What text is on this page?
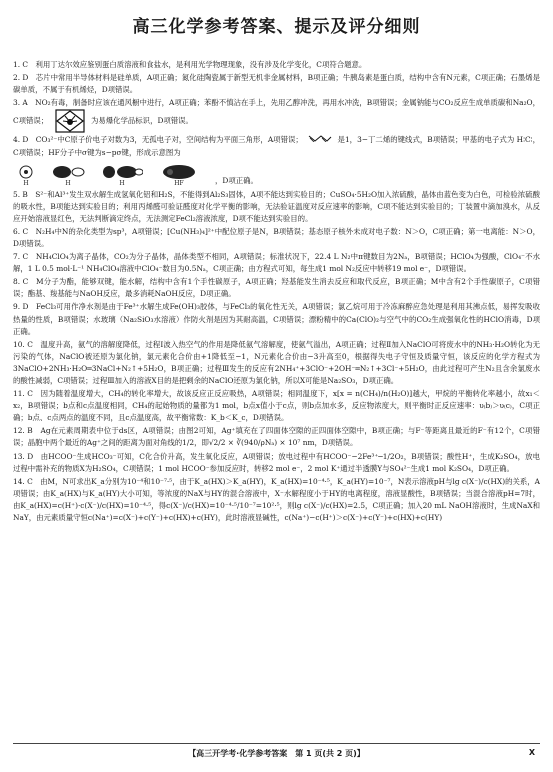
高三化学参考答案、提示及评分细则

1. C　利用丁达尔效应鉴别蛋白质溶液和食盐水，是利用光学物理现象，没有涉及化学变化，C项符合题意。

2. D　芯片中常用半导体材料是硅单质，A项正确；氮化硅陶瓷属于新型无机非金属材料，B项正确；牛胰岛素是蛋白质，结构中含有N元素，C项正确；石墨烯是碳单质，不属于有机烯烃，D项错误。

3. A　NO₂有毒，制备时应该在通风橱中进行，A项正确；苯酚不慎沾在手上，先用乙醇冲洗，再用水冲洗，B项错误；金属钠能与CO₂反应生成单质碳和Na₂O，C项错误；	为易爆化学品标识，D项错误。

4. D　CO₃²⁻中C原子价电子对数为3，无孤电子对，空间结构为平面三角形，A项错误；	是1，3−丁二烯的键线式，B项错误；甲基的电子式为 H∶C∶，C项错误；HF分子中σ键为s−pσ键，形成示意图为

H	H	H	HF	，D项正确。

5. B　S²⁻和Al³⁺发生双水解生成氢氧化铝和H₂S，不能得到Al₂S₃固体，A项不能达到实验目的；CuSO₄·5H₂O加入浓硫酸，晶体由蓝色变为白色，可检验浓硫酸的吸水性，B项能达到实验目的；利用丙烯醛可验证醛度对化学平衡的影响，无法验证温度对反应速率的影响，C项不能达到实验目的；丁装置中滴加溴水，从反应开始溶液显红色，无法判断滴定终点，无法测定FeCl₂溶液浓度，D项不能达到实验目的。

6. C　N₂H₄中N的杂化类型为sp³，A项错误；[Cu(NH₃)₄]²⁺中配位原子是N，B项错误；基态原子核外未成对电子数：N＞O，C项正确；第一电离能：N＞O，D项错误。

7. C　NH₄ClO₄为离子晶体，CO₂为分子晶体，晶体类型不相同，A项错误；标准状况下，22.4 L N₂中π键数目为2Nₐ，B项错误；HClO₄为强酸，ClO₄⁻不水解，1 L 0.5 mol·L⁻¹ NH₄ClO₄溶液中ClO₄⁻数目为0.5Nₐ，C项正确；由方程式可知，每生成1 mol N₂反应中转移19 mol e⁻，D项错误。

8. C　M分子为酯，能够双键，能水解，结构中含有1个手性碳原子，A项正确；羟基能发生消去反应和取代反应，B项正确；M中含有2个手性碳原子，C项错误；酯基、羧基能与NaOH反应，最多消耗NaOH反应，D项正确。

9. D　FeCl₃可用作净水剂是由于Fe³⁺水解生成Fe(OH)₃胶体，与FeCl₃的氧化性无关，A项错误；氯乙烷可用于冷冻麻醉应急处理是利用其沸点低，易挥发吸收热量的性质，B项错误；水玻璃（Na₂SiO₃水溶液）作防火剂是因为其耐高温，C项错误；漂粉精中的Ca(ClO)₂与空气中的CO₂生成强氧化性的HClO消毒，D项正确。

10. C　温度升高，氨气的溶解度降低，过程Ⅰ波入热空气的作用是降低氨气溶解度，使氨气溢出，A项正确；过程Ⅱ加入NaClO可将废水中的NH₃·H₂O转化为无污染的气体，NaClO被还原为氯化钠，氯元素化合价由+1降低至−1，N元素化合价由−3升高至0，根据得失电子守恒及质量守恒，该反应的化学方程式为3NaClO+2NH₃·H₂O═3NaCl+N₂↑+5H₂O，B项正确；过程Ⅲ发生的反应有2NH₄⁺+3ClO⁻+2OH⁻═N₂↑+3Cl⁻+5H₂O，由此过程可产生N₂且含余氯废水的酸性减弱，C项错误；过程Ⅲ加入的溶液X目的是把剩余的NaClO还原为氯化钠，所以X可能是Na₂SO₃，D项正确。

11. C　因为随着温度增大，CH₄的转化率增大，故该反应正反应吸热，A项错误；相同温度下，x[x = n(CH₄)/n(H₂O)]越大，甲烷的平衡转化率越小，故x₁＜x₂，B项错误；b点和c点温度相同，CH₄的起始物质的量都为1 mol，b点x值小于c点，则b点加水多，反应物浓度大，则平衡时正反应速率：υ₍b₎＞υ₍c₎，C项正确；b点、c点两点的温度不同，且c点温度高，故平衡常数：K_b＜K_c，D项错误。

12. B　Ag在元素周期表中位于ds区，A项错误；由图2可知，Ag⁺填充在了四面体空隙的正四面体空隙中，B项正确；与F⁻等距离且最近的F⁻有12个，C项错误；晶胞中两个最近的Ag⁺之间的距离为面对角线的1/2，即√2/2 × ∛(940/ρNₐ) × 10⁷ nm，D项错误。

13. D　由HCOO⁻生成HCO₃⁻可知，C化合价升高，发生氧化反应，A项错误；放电过程中有HCOO⁻−2Fe³⁺─1/2O₂，B项错误；酸性H⁺，生成K₂SO₄，放电过程中需补充的物质X为H₂SO₄，C项错误；1 mol HCOO⁻参加反应时，转移2 mol e⁻，2 mol K⁺通过半透膜Y与SO₄²⁻生成1 mol K₂SO₄，D项正确。

14. C　由M，N可求出K_a分别为10⁻⁴和10⁻⁷·⁵，由于K_a(HX)＞K_a(HY)，K_a(HX)=10⁻⁴·⁵，K_a(HY)=10⁻⁷，N表示溶液pH与lg c(X⁻)/c(HX)的关系，A项错误；由K_a(HX)与K_a(HY)大小可知，等浓度的NaX与HY的混合溶液中，X⁻水解程度小于HY的电离程度，溶液显酸性，B项错误；当混合溶液pH=7时，由K_a(HX)=c(H⁺)·c(X⁻)/c(HX)=10⁻⁴·⁵，得c(X⁻)/c(HX)=10⁻⁴·⁵/10⁻⁷=10²·⁵，则lg c(X⁻)/c(HX)=2.5，C项正确；加入20 mL NaOH溶液时，生成NaX和NaY，由元素质量守恒c(Na⁺)=c(X⁻)+c(Y⁻)+c(HX)+c(HY)，此时溶液显碱性，c(Na⁺)−c(H⁺)＞c(X⁻)+c(Y⁻)+c(HX)+c(HY)

【高三开学考·化学参考答案　第 1 页(共 2 页)】	X
